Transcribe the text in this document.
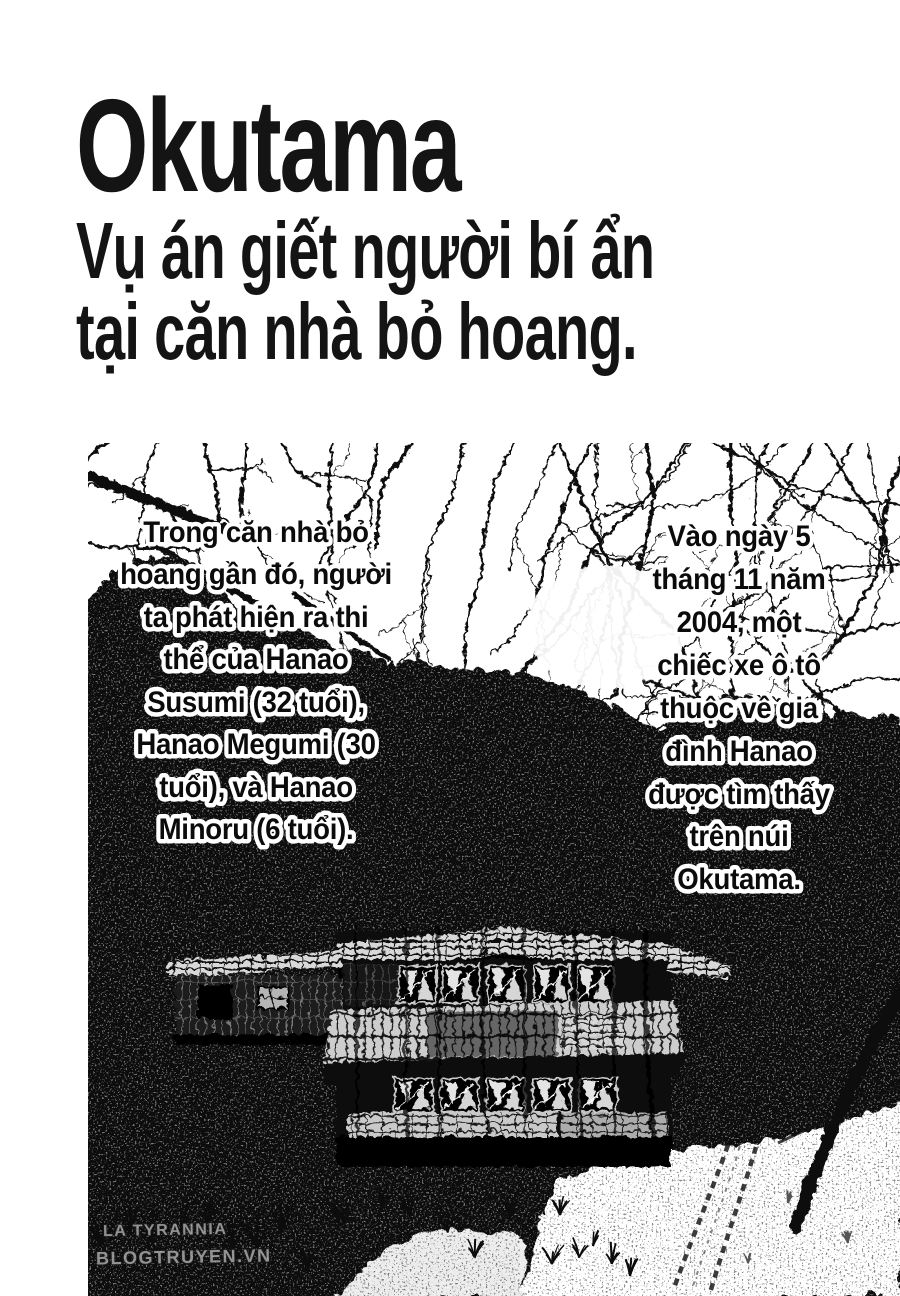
Okutama
Vụ án giết người bí ẩn
tại căn nhà bỏ hoang.
Trong căn nhà bỏ
hoang gần đó, người
ta phát hiện ra thi
thể của Hanao
Susumi (32 tuổi),
Hanao Megumi (30
tuổi), và Hanao
Minoru (6 tuổi).
Vào ngày 5
tháng 11 năm
2004, một
chiếc xe ô tô
thuộc về gia
đình Hanao
được tìm thấy
trên núi
Okutama.
LA TYRANNIA
BLOGTRUYEN.VN
